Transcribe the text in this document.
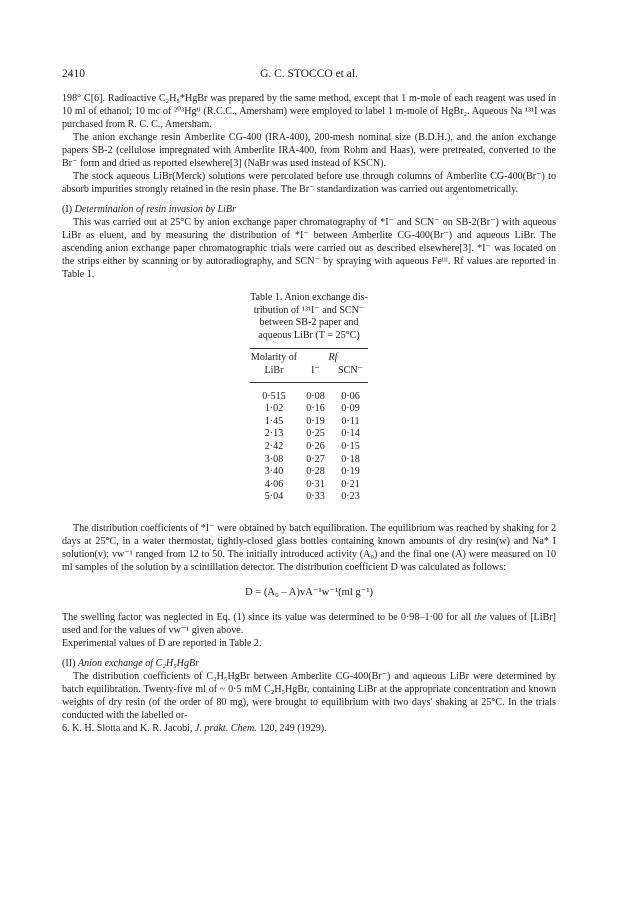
2410	G. C. STOCCO et al.

198° C[6]. Radioactive C₂H₅*HgBr was prepared by the same method, except that 1 m-mole of each reagent was used in 10 ml of ethanol; 10 mc of ²⁰³Hgᴵᴵ (R.C.C., Amersham) were employed to label 1 m-mole of HgBr₂. Aqueous Na ¹³¹I was purchased from R. C. C., Amersham.

The anion exchange resin Amberlite CG-400 (IRA-400), 200-mesh nominal size (B.D.H.), and the anion exchange papers SB-2 (cellulose impregnated with Amberlite IRA-400, from Rohm and Haas), were pretreated, converted to the Br⁻ form and dried as reported elsewhere[3] (NaBr was used instead of KSCN).

The stock aqueous LiBr(Merck) solutions were percolated before use through columns of Amberlite CG-400(Br⁻) to absorb impurities strongly retained in the resin phase. The Br⁻ standardization was carried out argentometrically.

(I) Determination of resin invasion by LiBr

This was carried out at 25°C by anion exchange paper chromatography of *I⁻ and SCN⁻ on SB-2(Br⁻) with aqueous LiBr as eluent, and by measuring the distribution of *I⁻ between Amberlite CG-400(Br⁻) and aqueous LiBr. The ascending anion exchange paper chromatographic trials were carried out as described elsewhere[3]. *I⁻ was located on the strips either by scanning or by autoradiography, and SCN⁻ by spraying with aqueous Feᴵᴵᴵ. Rf values are reported in Table 1.

Table 1. Anion exchange dis-
tribution of ¹³¹I⁻ and SCN⁻
between SB-2 paper and
aqueous LiBr (T = 25°C)
Molarity of	Rf	
LiBr	I⁻	SCN⁻
0·515	0·08	0·06
1·02	0·16	0·09
1·45	0·19	0·11
2·13	0·25	0·14
2·42	0·26	0·15
3·08	0·27	0·18
3·40	0·28	0·19
4·06	0·31	0·21
5·04	0·33	0·23

The distribution coefficients of *I⁻ were obtained by batch equilibration. The equilibrium was reached by shaking for 2 days at 25°C, in a water thermostat, tightly-closed glass bottles containing known amounts of dry resin(w) and Na* I solution(v); vw⁻¹ ranged from 12 to 50. The initially introduced activity (A₀) and the final one (A) were measured on 10 ml samples of the solution by a scintillation detector. The distribution coefficient D was calculated as follows:

D = (A₀ – A)vA⁻¹w⁻¹(ml g⁻¹)

The swelling factor was neglected in Eq. (1) since its value was determined to be 0·98–1·00 for all the values of [LiBr] used and for the values of vw⁻¹ given above.

Experimental values of D are reported in Table 2.

(II) Anion exchange of C₂H₅HgBr

The distribution coefficients of C₂H₅HgBr between Amberlite CG-400(Br⁻) and aqueous LiBr were determined by batch equilibration. Twenty-five ml of ~ 0·5 mM C₂H₅HgBr, containing LiBr at the appropriate concentration and known weights of dry resin (of the order of 80 mg), were brought to equilibrium with two days' shaking at 25°C. In the trials conducted with the labelled or-

6. K. H. Slotta and K. R. Jacobi, J. prakt. Chem. 120, 249 (1929).
